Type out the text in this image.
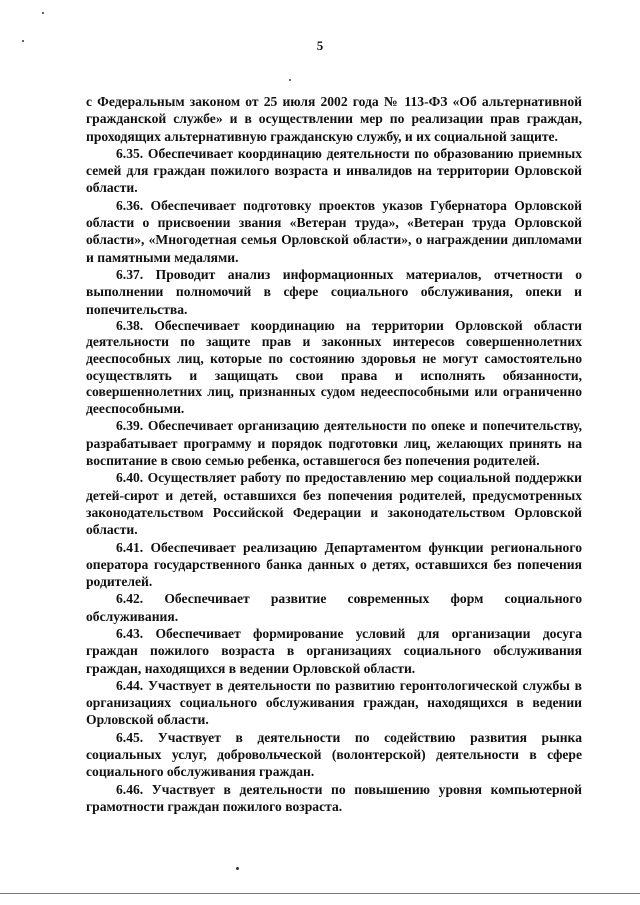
5

с Федеральным законом от 25 июля 2002 года № 113-ФЗ «Об альтернативной гражданской службе» и в осуществлении мер по реализации прав граждан, проходящих альтернативную гражданскую службу, и их социальной защите.

6.35. Обеспечивает координацию деятельности по образованию приемных семей для граждан пожилого возраста и инвалидов на территории Орловской области.

6.36. Обеспечивает подготовку проектов указов Губернатора Орловской области о присвоении звания «Ветеран труда», «Ветеран труда Орловской области», «Многодетная семья Орловской области», о награждении дипломами и памятными медалями.

6.37. Проводит анализ информационных материалов, отчетности о выполнении полномочий в сфере социального обслуживания, опеки и попечительства.

6.38. Обеспечивает координацию на территории Орловской области деятельности по защите прав и законных интересов совершеннолетних дееспособных лиц, которые по состоянию здоровья не могут самостоятельно осуществлять и защищать свои права и исполнять обязанности, совершеннолетних лиц, признанных судом недееспособными или ограниченно дееспособными.

6.39. Обеспечивает организацию деятельности по опеке и попечительству, разрабатывает программу и порядок подготовки лиц, желающих принять на воспитание в свою семью ребенка, оставшегося без попечения родителей.

6.40. Осуществляет работу по предоставлению мер социальной поддержки детей-сирот и детей, оставшихся без попечения родителей, предусмотренных законодательством Российской Федерации и законодательством Орловской области.

6.41. Обеспечивает реализацию Департаментом функции регионального оператора государственного банка данных о детях, оставшихся без попечения родителей.

6.42. Обеспечивает развитие современных форм социального обслуживания.

6.43. Обеспечивает формирование условий для организации досуга граждан пожилого возраста в организациях социального обслуживания граждан, находящихся в ведении Орловской области.

6.44. Участвует в деятельности по развитию геронтологической службы в организациях социального обслуживания граждан, находящихся в ведении Орловской области.

6.45. Участвует в деятельности по содействию развития рынка социальных услуг, добровольческой (волонтерской) деятельности в сфере социального обслуживания граждан.

6.46. Участвует в деятельности по повышению уровня компьютерной грамотности граждан пожилого возраста.
